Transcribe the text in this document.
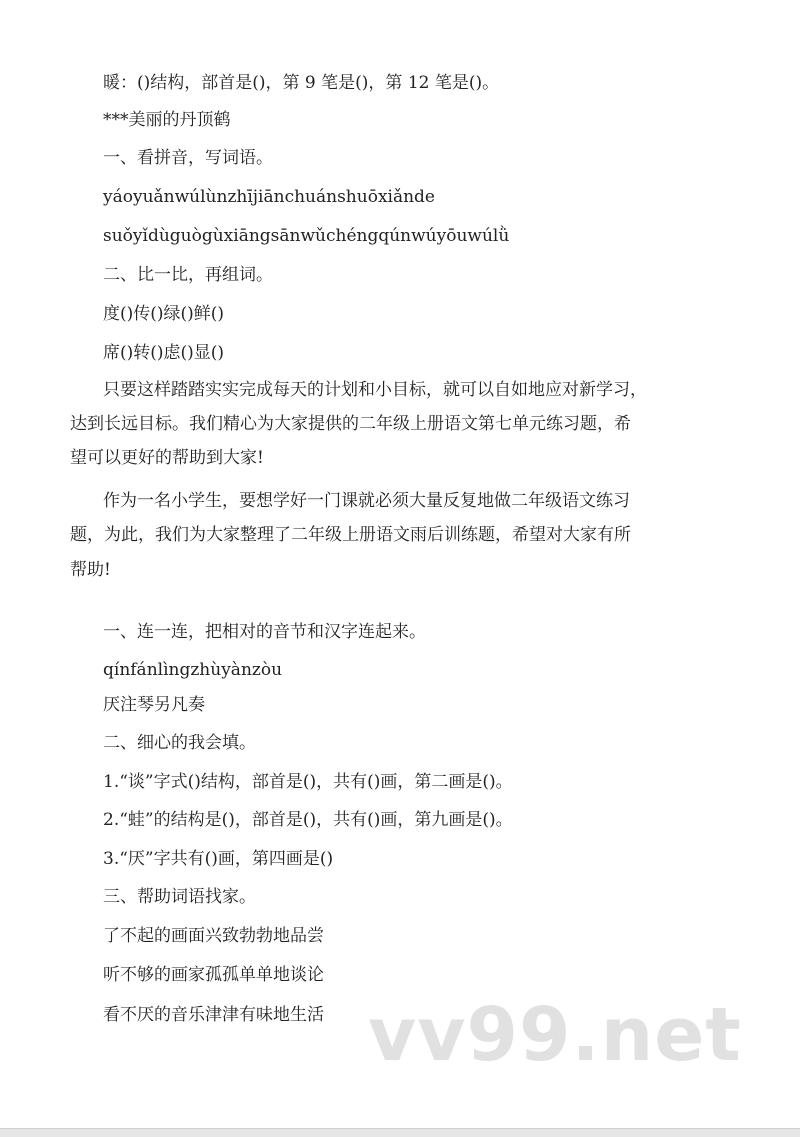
暖：()结构，部首是()，第 9 笔是()，第 12 笔是()。
***美丽的丹顶鹤
一、看拼音，写词语。
yáoyuǎnwúlùnzhījiānchuánshuōxiǎnde
suǒyǐdùguògùxiāngsānwǔchéngqúnwúyōuwúlǜ
二、比一比，再组词。
度()传()绿()鲜()
席()转()虑()显()
只要这样踏踏实实完成每天的计划和小目标，就可以自如地应对新学习，
达到长远目标。我们精心为大家提供的二年级上册语文第七单元练习题，希
望可以更好的帮助到大家!
作为一名小学生，要想学好一门课就必须大量反复地做二年级语文练习
题，为此，我们为大家整理了二年级上册语文雨后训练题，希望对大家有所
帮助!
一、连一连，把相对的音节和汉字连起来。
qínfánlìngzhùyànzòu
厌注琴另凡奏
二、细心的我会填。
1.“谈”字式()结构，部首是()，共有()画，第二画是()。
2.“蛙”的结构是()，部首是()，共有()画，第九画是()。
3.“厌”字共有()画，第四画是()
三、帮助词语找家。
了不起的画面兴致勃勃地品尝
听不够的画家孤孤单单地谈论
看不厌的音乐津津有味地生活 vv99.net
